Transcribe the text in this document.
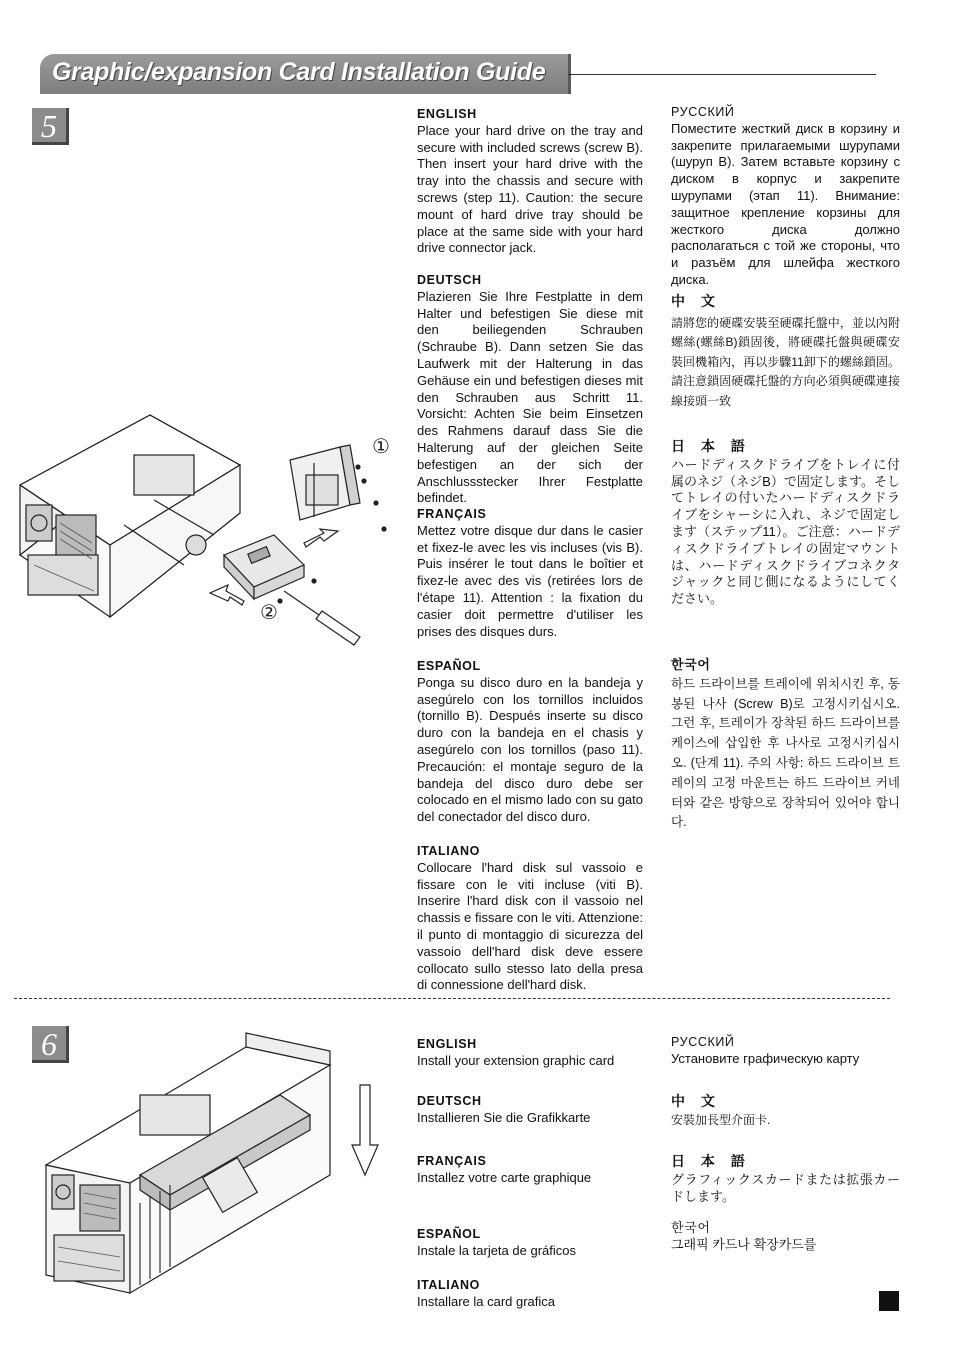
Graphic/expansion Card Installation Guide
5
①
②
ENGLISH
Place your hard drive on the tray and secure with included screws (screw B). Then insert your hard drive with the tray into the chassis and secure with screws (step 11). Caution: the secure mount of hard drive tray should be place at the same side with your hard drive connector jack.
DEUTSCH
Plazieren Sie Ihre Festplatte in dem Halter und befestigen Sie diese mit den beiliegenden Schrauben (Schraube B). Dann setzen Sie das Laufwerk mit der Halterung in das Gehäuse ein und befestigen dieses mit den Schrauben aus Schritt 11. Vorsicht: Achten Sie beim Einsetzen des Rahmens darauf dass Sie die Halterung auf der gleichen Seite befestigen an der sich der Anschlussstecker Ihrer Festplatte befindet.
FRANÇAIS
Mettez votre disque dur dans le casier et fixez-le avec les vis incluses (vis B). Puis insérer le tout dans le boîtier et fixez-le avec des vis (retirées lors de l'étape 11). Attention : la fixation du casier doit permettre d'utiliser les prises des disques durs.
ESPAÑOL
Ponga su disco duro en la bandeja y asegúrelo con los tornillos incluidos (tornillo B). Después inserte su disco duro con la bandeja en el chasis y asegúrelo con los tornillos (paso 11). Precaución: el montaje seguro de la bandeja del disco duro debe ser colocado en el mismo lado con su gato del conectador del disco duro.
ITALIANO
Collocare l'hard disk sul vassoio e fissare con le viti incluse (viti B). Inserire l'hard disk con il vassoio nel chassis e fissare con le viti. Attenzione: il punto di montaggio di sicurezza del vassoio dell'hard disk deve essere collocato sullo stesso lato della presa di connessione dell'hard disk.
РУССКИЙ
Поместите жесткий диск в корзину и закрепите прилагаемыми шурупами (шуруп B). Затем вставьте корзину с диском в корпус и закрепите шурупами (этап 11). Внимание: защитное крепление корзины для жесткого диска должно располагаться с той же стороны, что и разъём для шлейфа жесткого диска.
中 文
請將您的硬碟安裝至硬碟托盤中，並以內附螺絲(螺絲B)鎖固後，將硬碟托盤與硬碟安裝回機箱內，再以步驟11卸下的螺絲鎖固。請注意鎖固硬碟托盤的方向必須與硬碟連接線接頭一致
日 本 語
ハードディスクドライブをトレイに付属のネジ（ネジB）で固定します。そしてトレイの付いたハードディスクドライブをシャーシに入れ、ネジで固定します（ステップ11）。ご注意：ハードディスクドライブトレイの固定マウントは、ハードディスクドライブコネクタジャックと同じ側になるようにしてください。
한국어
하드 드라이브를 트레이에 위치시킨 후, 동봉된 나사 (Screw B)로 고정시키십시오. 그런 후, 트레이가 장착된 하드 드라이브를 케이스에 삽입한 후 나사로 고정시키십시오. (단계 11). 주의 사항: 하드 드라이브 트레이의 고정 마운트는 하드 드라이브 커네터와 같은 방향으로 장착되어 있어야 합니다.
6	ENGLISH
Install your extension graphic card
DEUTSCH
Installieren Sie die Grafikkarte
FRANÇAIS
Installez votre carte graphique
ESPAÑOL
Instale la tarjeta de gráficos
ITALIANO
Installare la card grafica
РУССКИЙ
Установите графическую карту
中 文
安裝加長型介面卡.
日 本 語
グラフィックスカードまたは拡張カードします。
한국어
그래픽 카드나 확장카드를
